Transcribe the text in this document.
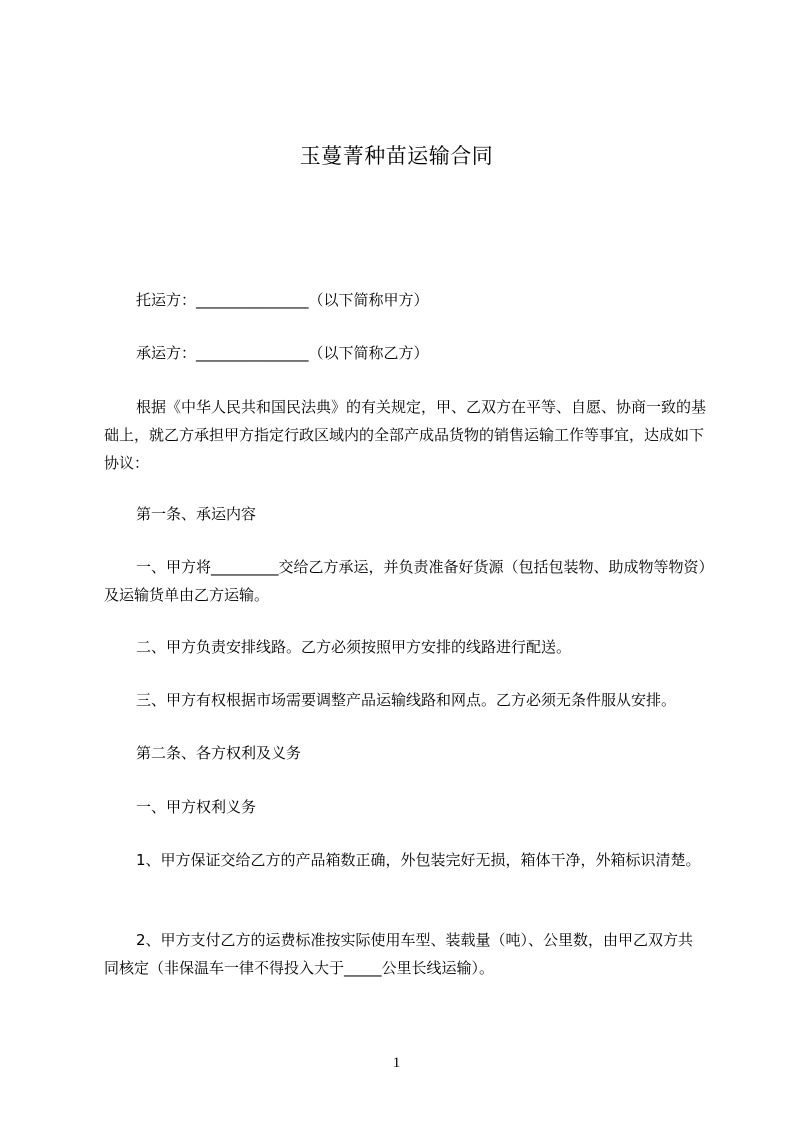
玉蔓菁种苗运输合同
托运方：_______________（以下简称甲方）
承运方：_______________（以下简称乙方）
根据《中华人民共和国民法典》的有关规定，甲、乙双方在平等、自愿、协商一致的基础上，就乙方承担甲方指定行政区域内的全部产成品货物的销售运输工作等事宜，达成如下协议：
第一条、承运内容
一、甲方将_________交给乙方承运，并负责准备好货源（包括包装物、助成物等物资）及运输货单由乙方运输。
二、甲方负责安排线路。乙方必须按照甲方安排的线路进行配送。
三、甲方有权根据市场需要调整产品运输线路和网点。乙方必须无条件服从安排。
第二条、各方权利及义务
一、甲方权利义务
1、甲方保证交给乙方的产品箱数正确，外包装完好无损，箱体干净，外箱标识清楚。
2、甲方支付乙方的运费标准按实际使用车型、装载量（吨）、公里数，由甲乙双方共同核定（非保温车一律不得投入大于_____公里长线运输）。
1
